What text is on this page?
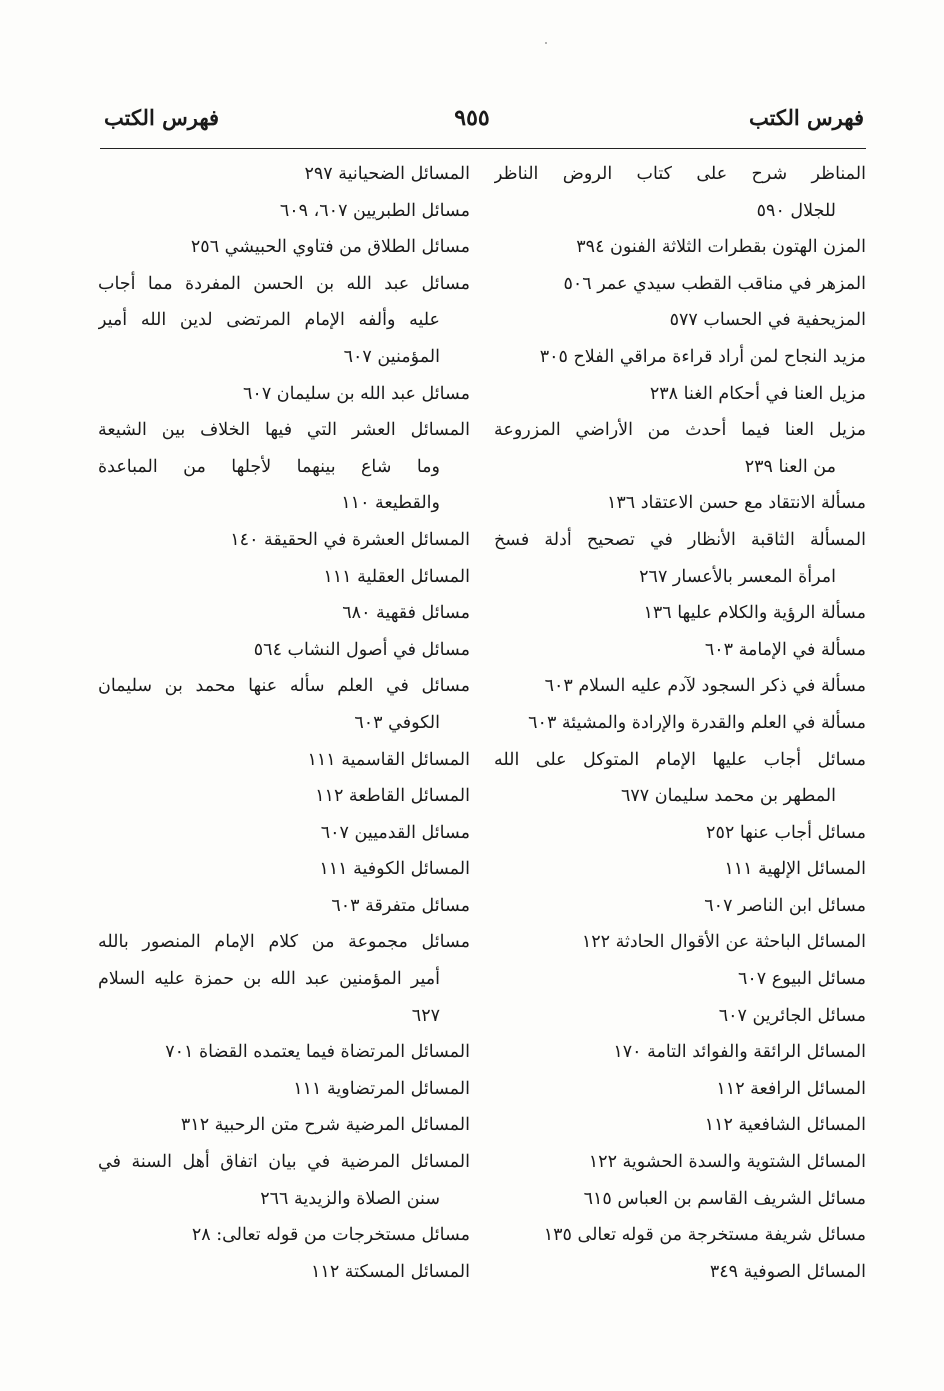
فهرس الكتب
٩٥٥
فهرس الكتب
المناظر شرح على كتاب الروض الناظر
للجلال ٥٩٠
المزن الهتون بقطرات الثلاثة الفنون ٣٩٤
المزهر في مناقب القطب سيدي عمر ٥٠٦
المزيحفية في الحساب ٥٧٧
مزيد النجاح لمن أراد قراءة مراقي الفلاح ٣٠٥
مزيل العنا في أحكام الغنا ٢٣٨
مزيل العنا فيما أحدث من الأراضي المزروعة
من العنا ٢٣٩
مسألة الانتقاد مع حسن الاعتقاد ١٣٦
المسألة الثاقبة الأنظار في تصحيح أدلة فسخ
امرأة المعسر بالأعسار ٢٦٧
مسألة الرؤية والكلام عليها ١٣٦
مسألة في الإمامة ٦٠٣
مسألة في ذكر السجود لآدم عليه السلام ٦٠٣
مسألة في العلم والقدرة والإرادة والمشيئة ٦٠٣
مسائل أجاب عليها الإمام المتوكل على الله
المطهر بن محمد سليمان ٦٧٧
مسائل أجاب عنها ٢٥٢
المسائل الإلهية ١١١
مسائل ابن الناصر ٦٠٧
المسائل الباحثة عن الأقوال الحادثة ١٢٢
مسائل البيوع ٦٠٧
مسائل الجائرين ٦٠٧
المسائل الرائقة والفوائد التامة ١٧٠
المسائل الرافعة ١١٢
المسائل الشافعية ١١٢
المسائل الشتوية والسدة الحشوية ١٢٢
مسائل الشريف القاسم بن العباس ٦١٥
مسائل شريفة مستخرجة من قوله تعالى ١٣٥
المسائل الصوفية ٣٤٩
المسائل الضحيانية ٢٩٧
مسائل الطبريين ٦٠٧، ٦٠٩
مسائل الطلاق من فتاوي الحبيشي ٢٥٦
مسائل عبد الله بن الحسن المفردة مما أجاب
عليه وألفه الإمام المرتضى لدين الله أمير
المؤمنين ٦٠٧
مسائل عبد الله بن سليمان ٦٠٧
المسائل العشر التي فيها الخلاف بين الشيعة
وما شاع بينهما لأجلها من المباعدة
والقطيعة ١١٠
المسائل العشرة في الحقيقة ١٤٠
المسائل العقلية ١١١
مسائل فقهية ٦٨٠
مسائل في أصول النشاب ٥٦٤
مسائل في العلم سأله عنها محمد بن سليمان
الكوفي ٦٠٣
المسائل القاسمية ١١١
المسائل القاطعة ١١٢
مسائل القدميين ٦٠٧
المسائل الكوفية ١١١
مسائل متفرقة ٦٠٣
مسائل مجموعة من كلام الإمام المنصور بالله
أمير المؤمنين عبد الله بن حمزة عليه السلام
٦٢٧
المسائل المرتضاة فيما يعتمده القضاة ٧٠١
المسائل المرتضاوية ١١١
المسائل المرضية شرح متن الرحبية ٣١٢
المسائل المرضية في بيان اتفاق أهل السنة في
سنن الصلاة والزيدية ٢٦٦
مسائل مستخرجات من قوله تعالى: ٢٨
المسائل المسكتة ١١٢
